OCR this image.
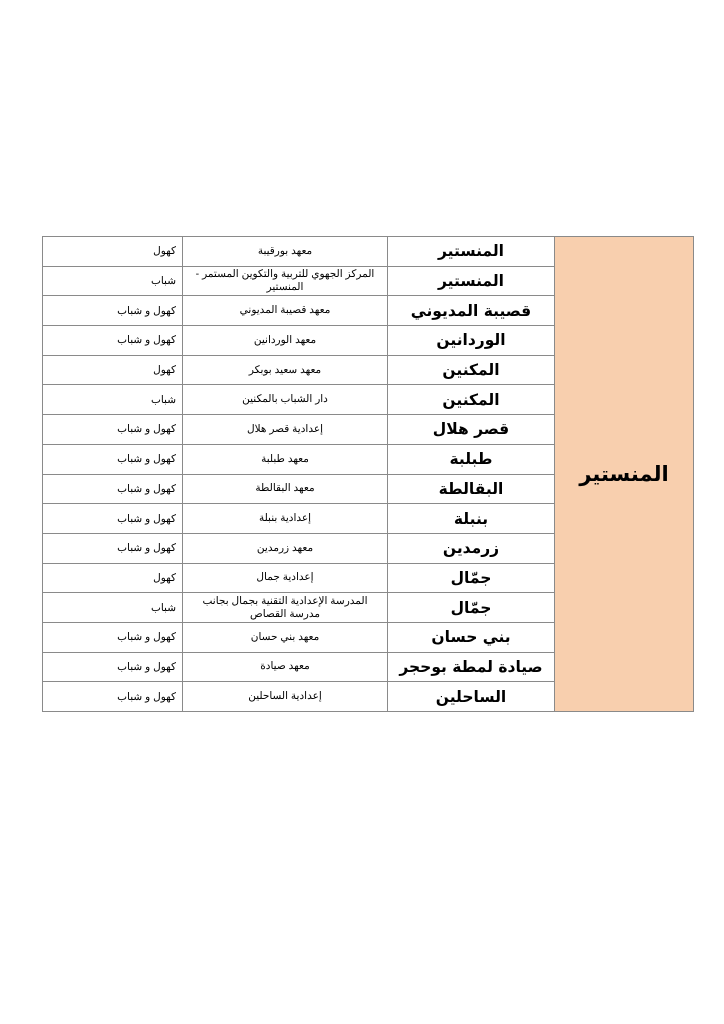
المنستير	المنستير	معهد بورقيبة	كهول
	المنستير	المركز الجهوي للتربية والتكوين المستمر - المنستير	شباب
	قصيبة المديوني	معهد قصيبة المديوني	كهول و شباب
	الوردانين	معهد الوردانين	كهول و شباب
	المكنين	معهد سعيد بوبكر	كهول
	المكنين	دار الشباب بالمكنين	شباب
	قصر هلال	إعدادية قصر هلال	كهول و شباب
	طبلبة	معهد طبلبة	كهول و شباب
	البقالطة	معهد البقالطة	كهول و شباب
	بنبلة	إعدادية بنبلة	كهول و شباب
	زرمدين	معهد زرمدين	كهول و شباب
	جمّال	إعدادية جمال	كهول
	جمّال	المدرسة الإعدادية التقنية بجمال بجانب مدرسة القصاص	شباب
	بني حسان	معهد بني حسان	كهول و شباب
	صيادة لمطة بوحجر	معهد صيادة	كهول و شباب
	الساحلين	إعدادية الساحلين	كهول و شباب
